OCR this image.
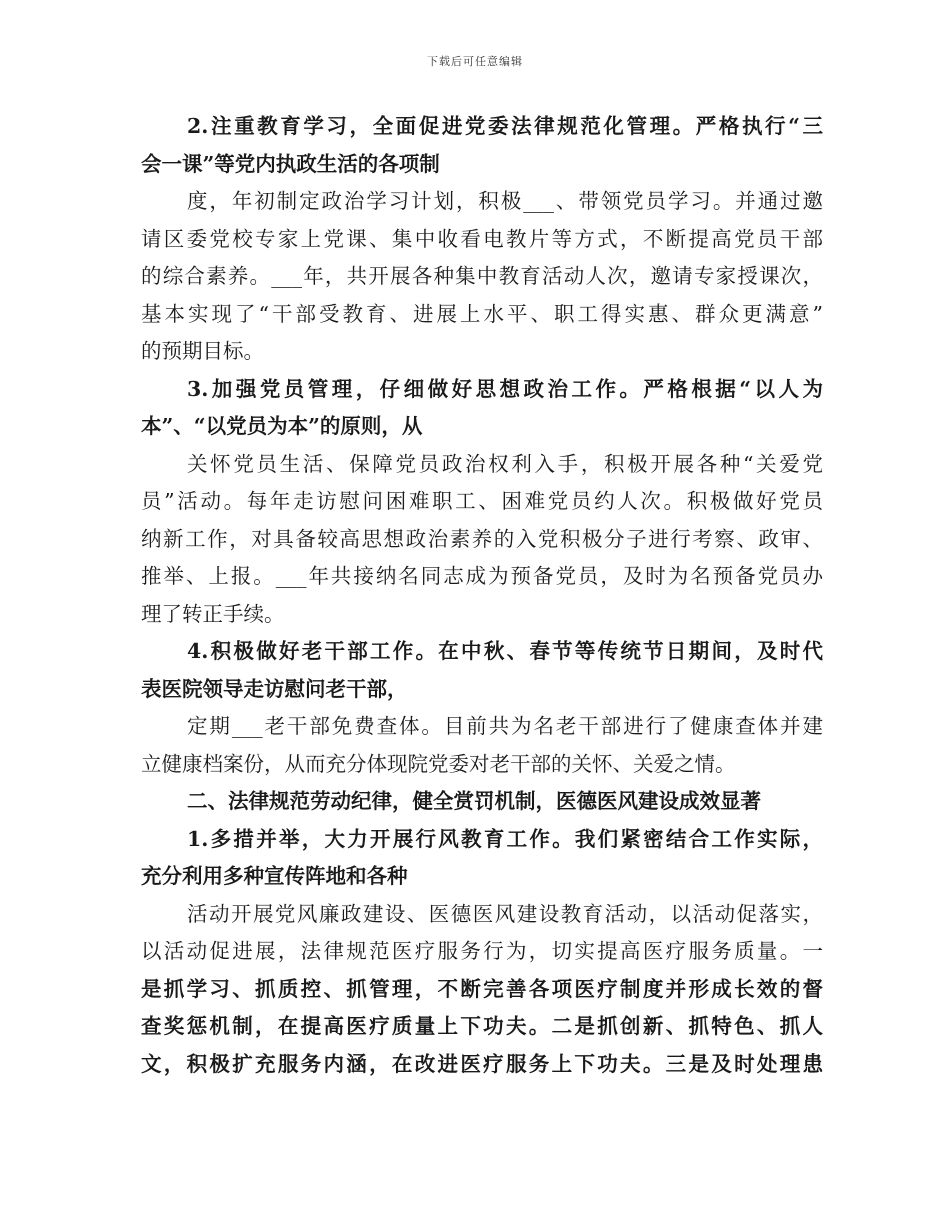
下载后可任意编辑
2.注重教育学习，全面促进党委法律规范化管理。严格执行“三
会一课”等党内执政生活的各项制
度，年初制定政治学习计划，积极___、带领党员学习。并通过邀
请区委党校专家上党课、集中收看电教片等方式，不断提高党员干部
的综合素养。___年，共开展各种集中教育活动人次，邀请专家授课次，
基本实现了“干部受教育、进展上水平、职工得实惠、群众更满意”
的预期目标。
3.加强党员管理，仔细做好思想政治工作。严格根据“以人为
本”、“以党员为本”的原则，从
关怀党员生活、保障党员政治权利入手，积极开展各种“关爱党
员”活动。每年走访慰问困难职工、困难党员约人次。积极做好党员
纳新工作，对具备较高思想政治素养的入党积极分子进行考察、政审、
推举、上报。___年共接纳名同志成为预备党员，及时为名预备党员办
理了转正手续。
4.积极做好老干部工作。在中秋、春节等传统节日期间，及时代
表医院领导走访慰问老干部，
定期___老干部免费查体。目前共为名老干部进行了健康查体并建
立健康档案份，从而充分体现院党委对老干部的关怀、关爱之情。
二、法律规范劳动纪律，健全赏罚机制，医德医风建设成效显著
1.多措并举，大力开展行风教育工作。我们紧密结合工作实际，
充分利用多种宣传阵地和各种
活动开展党风廉政建设、医德医风建设教育活动，以活动促落实，
以活动促进展，法律规范医疗服务行为，切实提高医疗服务质量。一
是抓学习、抓质控、抓管理，不断完善各项医疗制度并形成长效的督
查奖惩机制，在提高医疗质量上下功夫。二是抓创新、抓特色、抓人
文，积极扩充服务内涵，在改进医疗服务上下功夫。三是及时处理患
